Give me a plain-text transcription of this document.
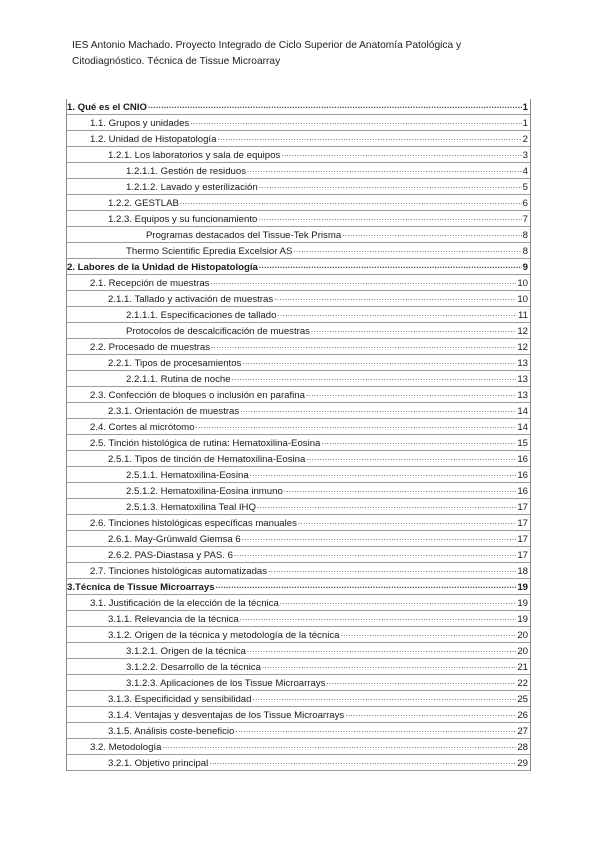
IES Antonio Machado. Proyecto Integrado de Ciclo Superior de Anatomía Patológica y
Citodiagnóstico. Técnica de Tissue Microarray
1. Qué es el CNIO .....	1
1.1. Grupos y unidades .....	1
1.2. Unidad de Histopatología .....	2
1.2.1. Los laboratorios y sala de equipos .....	3
1.2.1.1. Gestión de residuos .....	4
1.2.1.2. Lavado y esterilización .....	5
1.2.2. GESTLAB .....	6
1.2.3. Equipos y su funcionamiento .....	7
Programas destacados del Tissue-Tek Prisma .....	8
Thermo Scientific Epredia Excelsior AS .....	8
2. Labores de la Unidad de Histopatología .....	9
2.1. Recepción de muestras .....	10
2.1.1. Tallado y activación de muestras .....	10
2.1.1.1. Especificaciones de tallado .....	11
Protocolos de descalcificación de muestras .....	12
2.2. Procesado de muestras .....	12
2.2.1. Tipos de procesamientos .....	13
2.2.1.1. Rutina de noche .....	13
2.3. Confección de bloques o inclusión en parafina .....	13
2.3.1. Orientación de muestras .....	14
2.4. Cortes al micrótomo .....	14
2.5. Tinción histológica de rutina: Hematoxilina-Eosina .....	15
2.5.1. Tipos de tinción de Hematoxilina-Eosina .....	16
2.5.1.1. Hematoxilina-Eosina .....	16
2.5.1.2. Hematoxilina-Eosina inmuno .....	16
2.5.1.3. Hematoxilina Teal IHQ .....	17
2.6. Tinciones histológicas específicas manuales .....	17
2.6.1. May-Grünwald Giemsa 6 .....	17
2.6.2. PAS-Diastasa y PAS. 6 .....	17
2.7. Tinciones histológicas automatizadas .....	18
3.Técnica de Tissue Microarrays .....	19
3.1. Justificación de la elección de la técnica .....	19
3.1.1. Relevancia de la técnica .....	19
3.1.2. Origen de la técnica y metodología de la técnica .....	20
3.1.2.1. Origen de la técnica .....	20
3.1.2.2. Desarrollo de la técnica .....	21
3.1.2.3. Aplicaciones de los Tissue Microarrays .....	22
3.1.3. Especificidad y sensibilidad .....	25
3.1.4. Ventajas y desventajas de los Tissue Microarrays .....	26
3.1.5. Análisis coste-beneficio .....	27
3.2. Metodología .....	28
3.2.1. Objetivo principal .....	29
